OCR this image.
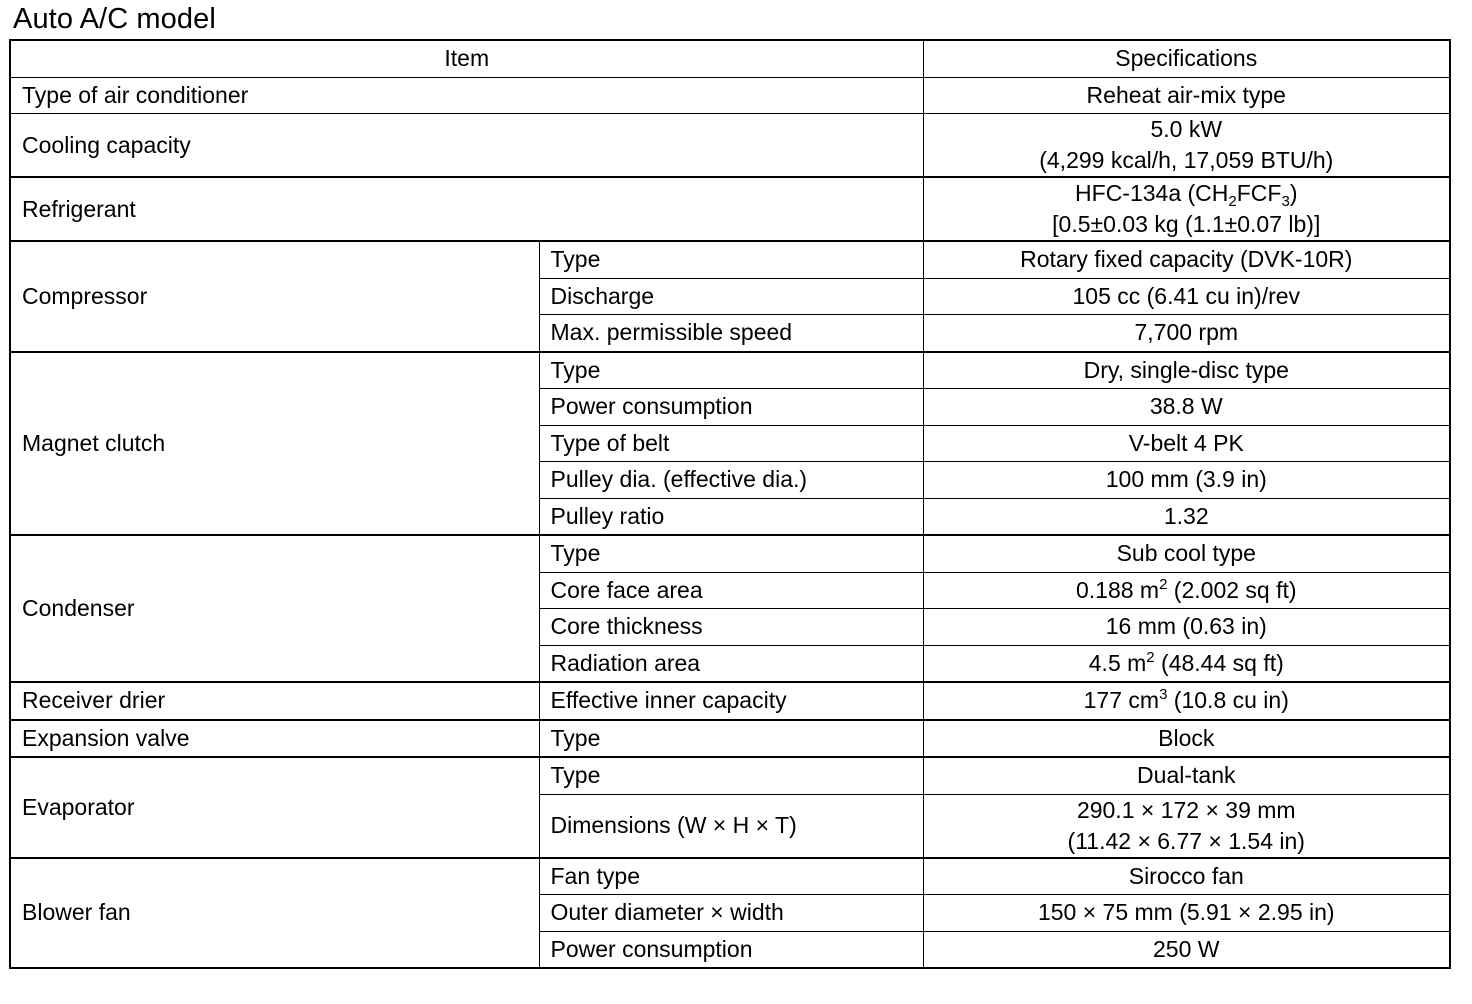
Auto A/C model
Item		Specifications
Type of air conditioner		Reheat air-mix type
Cooling capacity		5.0 kW
(4,299 kcal/h, 17,059 BTU/h)

Refrigerant		HFC-134a $(CH_2FCF_3)$
[0.5±0.03 kg (1.1±0.07 lb)]

Compressor	Type	Rotary fixed capacity (DVK-10R)
	Discharge	105 cc (6.41 cu in)/rev
	Max. permissible speed	7,700 rpm
Magnet clutch	Type	Dry, single-disc type
	Power consumption	38.8 W
	Type of belt	V-belt 4 PK
	Pulley dia. (effective dia.)	100 mm (3.9 in)
	Pulley ratio	1.32
Condenser	Type	Sub cool type
	Core face area	0.188 $m^2$ (2.002 sq ft)
	Core thickness	16 mm (0.63 in)
	Radiation area	4.5 $m^2$ (48.44 sq ft)
Receiver drier	Effective inner capacity	177 $cm^3$ (10.8 cu in)
Expansion valve	Type	Block
Evaporator	Type	Dual-tank
	Dimensions (W × H × T)	290.1 × 172 × 39 mm
(11.42 × 6.77 × 1.54 in)

Blower fan	Fan type	Sirocco fan
	Outer diameter × width	150 × 75 mm (5.91 × 2.95 in)
	Power consumption	250 W
